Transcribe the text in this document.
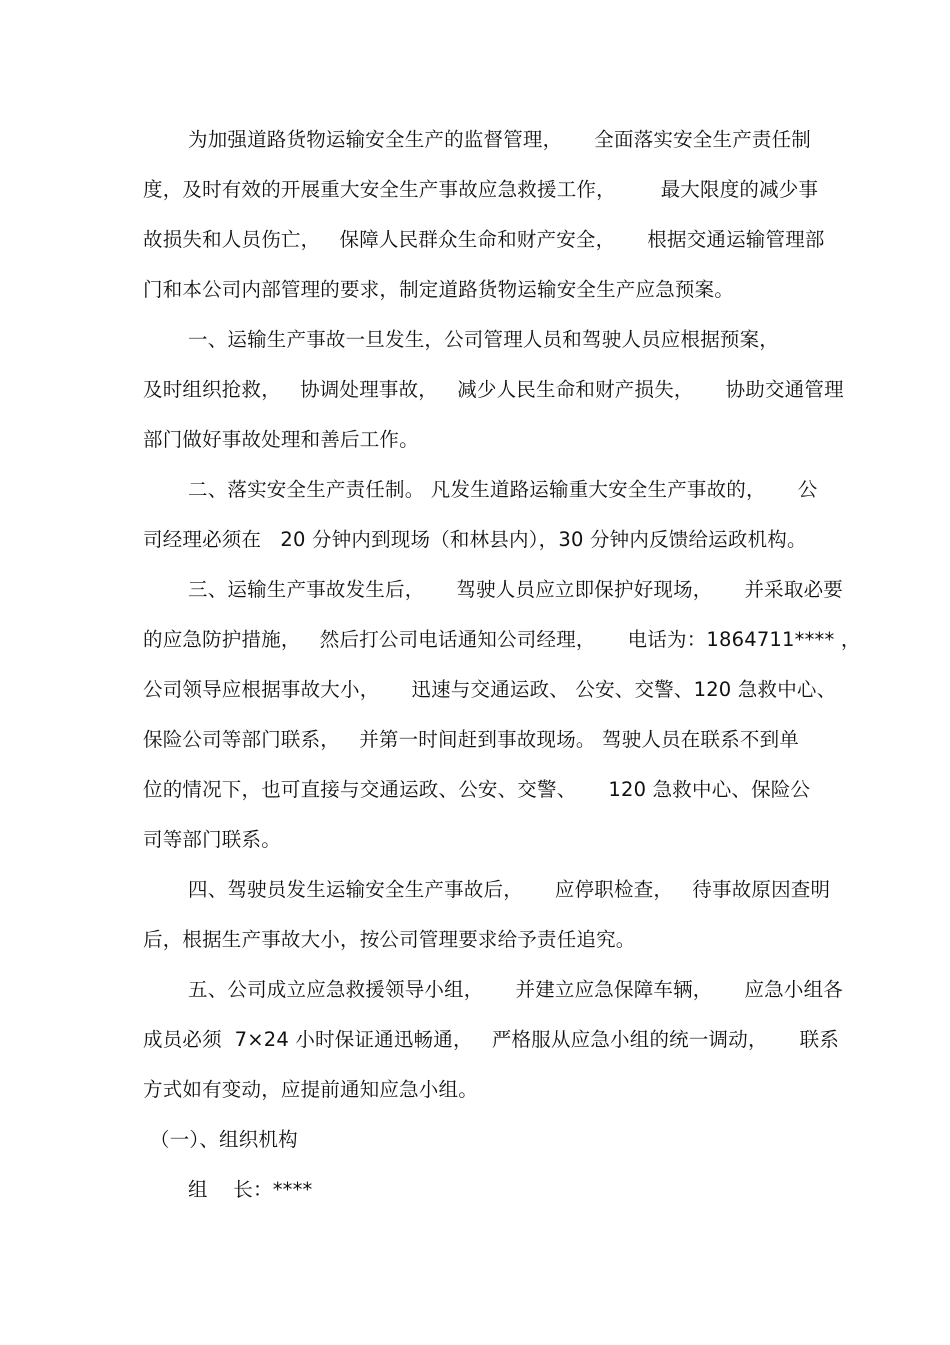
为加强道路货物运输安全生产的监督管理，     全面落实安全生产责任制
度，及时有效的开展重大安全生产事故应急救援工作，       最大限度的减少事
故损失和人员伤亡，   保障人民群众生命和财产安全，     根据交通运输管理部
门和本公司内部管理的要求，制定道路货物运输安全生产应急预案。
一、运输生产事故一旦发生，公司管理人员和驾驶人员应根据预案，
及时组织抢救，   协调处理事故，   减少人民生命和财产损失，     协助交通管理
部门做好事故处理和善后工作。
二、落实安全生产责任制。 凡发生道路运输重大安全生产事故的，     公
司经理必须在   20 分钟内到现场（和林县内），30 分钟内反馈给运政机构。
三、运输生产事故发生后，     驾驶人员应立即保护好现场，     并采取必要
的应急防护措施，   然后打公司电话通知公司经理，     电话为：1864711**** ，
公司领导应根据事故大小，     迅速与交通运政、 公安、交警、120 急救中心、
保险公司等部门联系，   并第一时间赶到事故现场。 驾驶人员在联系不到单
位的情况下，也可直接与交通运政、公安、交警、     120 急救中心、保险公
司等部门联系。
四、驾驶员发生运输安全生产事故后，     应停职检查，   待事故原因查明
后，根据生产事故大小，按公司管理要求给予责任追究。
五、公司成立应急救援领导小组，     并建立应急保障车辆，     应急小组各
成员必须  7×24 小时保证通迅畅通，   严格服从应急小组的统一调动，     联系
方式如有变动，应提前通知应急小组。
（一）、组织机构
组    长：****
